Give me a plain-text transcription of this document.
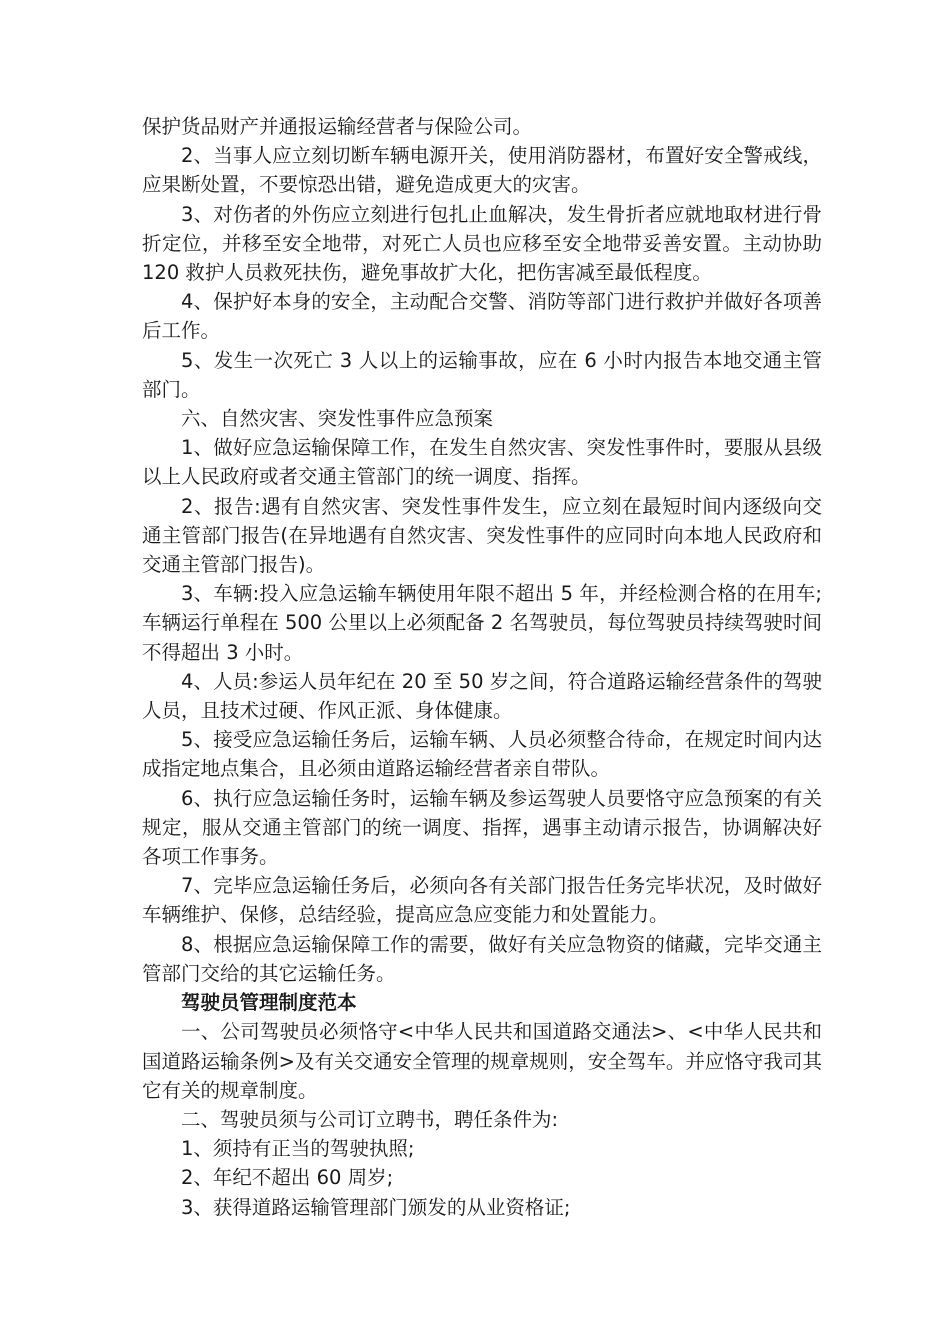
保护货品财产并通报运输经营者与保险公司。

2、当事人应立刻切断车辆电源开关，使用消防器材，布置好安全警戒线，应果断处置，不要惊恐出错，避免造成更大的灾害。

3、对伤者的外伤应立刻进行包扎止血解决，发生骨折者应就地取材进行骨折定位，并移至安全地带，对死亡人员也应移至安全地带妥善安置。主动协助 120 救护人员救死扶伤，避免事故扩大化，把伤害减至最低程度。

4、保护好本身的安全，主动配合交警、消防等部门进行救护并做好各项善后工作。

5、发生一次死亡 3 人以上的运输事故，应在 6 小时内报告本地交通主管部门。

六、自然灾害、突发性事件应急预案

1、做好应急运输保障工作，在发生自然灾害、突发性事件时，要服从县级以上人民政府或者交通主管部门的统一调度、指挥。

2、报告:遇有自然灾害、突发性事件发生，应立刻在最短时间内逐级向交通主管部门报告(在异地遇有自然灾害、突发性事件的应同时向本地人民政府和交通主管部门报告)。

3、车辆:投入应急运输车辆使用年限不超出 5 年，并经检测合格的在用车;车辆运行单程在 500 公里以上必须配备 2 名驾驶员，每位驾驶员持续驾驶时间不得超出 3 小时。

4、人员:参运人员年纪在 20 至 50 岁之间，符合道路运输经营条件的驾驶人员，且技术过硬、作风正派、身体健康。

5、接受应急运输任务后，运输车辆、人员必须整合待命，在规定时间内达成指定地点集合，且必须由道路运输经营者亲自带队。

6、执行应急运输任务时，运输车辆及参运驾驶人员要恪守应急预案的有关规定，服从交通主管部门的统一调度、指挥，遇事主动请示报告，协调解决好各项工作事务。

7、完毕应急运输任务后，必须向各有关部门报告任务完毕状况，及时做好车辆维护、保修，总结经验，提高应急应变能力和处置能力。

8、根据应急运输保障工作的需要，做好有关应急物资的储藏，完毕交通主管部门交给的其它运输任务。

驾驶员管理制度范本

一、公司驾驶员必须恪守<中华人民共和国道路交通法>、<中华人民共和国道路运输条例>及有关交通安全管理的规章规则，安全驾车。并应恪守我司其它有关的规章制度。

二、驾驶员须与公司订立聘书，聘任条件为:

1、须持有正当的驾驶执照;

2、年纪不超出 60 周岁;

3、获得道路运输管理部门颁发的从业资格证;
